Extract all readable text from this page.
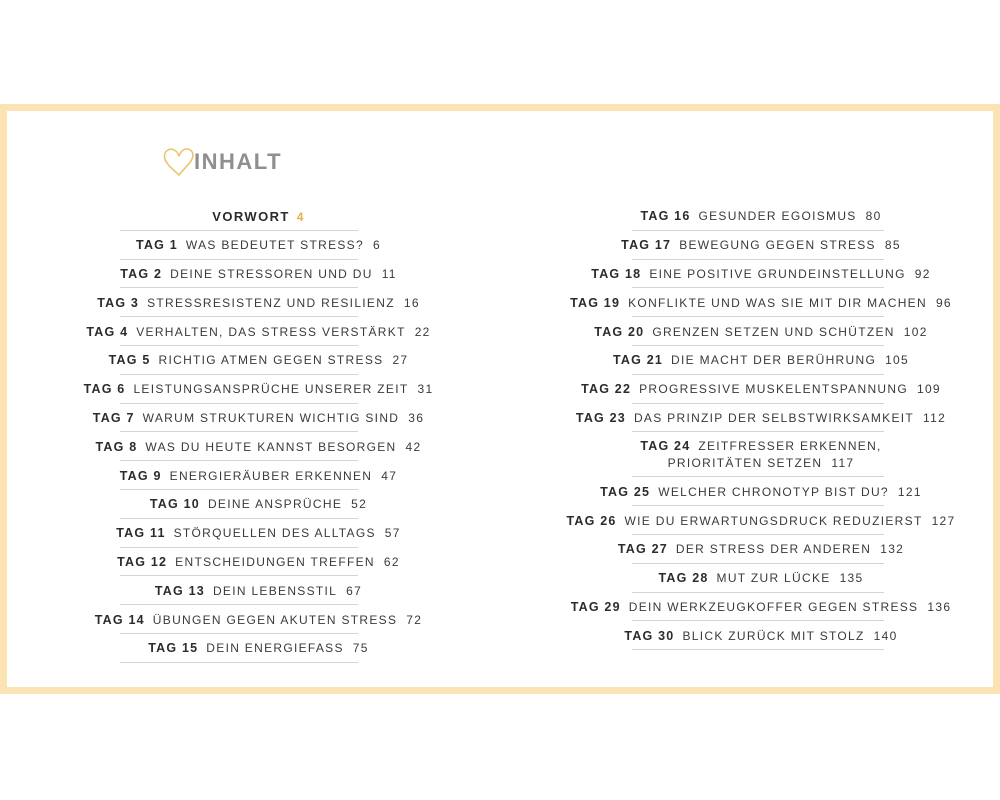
INHALT
VORWORT 4
TAG 1 WAS BEDEUTET STRESS? 6
TAG 2 DEINE STRESSOREN UND DU 11
TAG 3 STRESSRESISTENZ UND RESILIENZ 16
TAG 4 VERHALTEN, DAS STRESS VERSTÄRKT 22
TAG 5 RICHTIG ATMEN GEGEN STRESS 27
TAG 6 LEISTUNGSANSPRÜCHE UNSERER ZEIT 31
TAG 7 WARUM STRUKTUREN WICHTIG SIND 36
TAG 8 WAS DU HEUTE KANNST BESORGEN 42
TAG 9 ENERGIERÄUBER ERKENNEN 47
TAG 10 DEINE ANSPRÜCHE 52
TAG 11 STÖRQUELLEN DES ALLTAGS 57
TAG 12 ENTSCHEIDUNGEN TREFFEN 62
TAG 13 DEIN LEBENSSTIL 67
TAG 14 ÜBUNGEN GEGEN AKUTEN STRESS 72
TAG 15 DEIN ENERGIEFASS 75
TAG 16 GESUNDER EGOISMUS 80
TAG 17 BEWEGUNG GEGEN STRESS 85
TAG 18 EINE POSITIVE GRUNDEINSTELLUNG 92
TAG 19 KONFLIKTE UND WAS SIE MIT DIR MACHEN 96
TAG 20 GRENZEN SETZEN UND SCHÜTZEN 102
TAG 21 DIE MACHT DER BERÜHRUNG 105
TAG 22 PROGRESSIVE MUSKELENTSPANNUNG 109
TAG 23 DAS PRINZIP DER SELBSTWIRKSAMKEIT 112
TAG 24 ZEITFRESSER ERKENNEN, PRIORITÄTEN SETZEN 117
TAG 25 WELCHER CHRONOTYP BIST DU? 121
TAG 26 WIE DU ERWARTUNGSDRUCK REDUZIERST 127
TAG 27 DER STRESS DER ANDEREN 132
TAG 28 MUT ZUR LÜCKE 135
TAG 29 DEIN WERKZEUGKOFFER GEGEN STRESS 136
TAG 30 BLICK ZURÜCK MIT STOLZ 140
